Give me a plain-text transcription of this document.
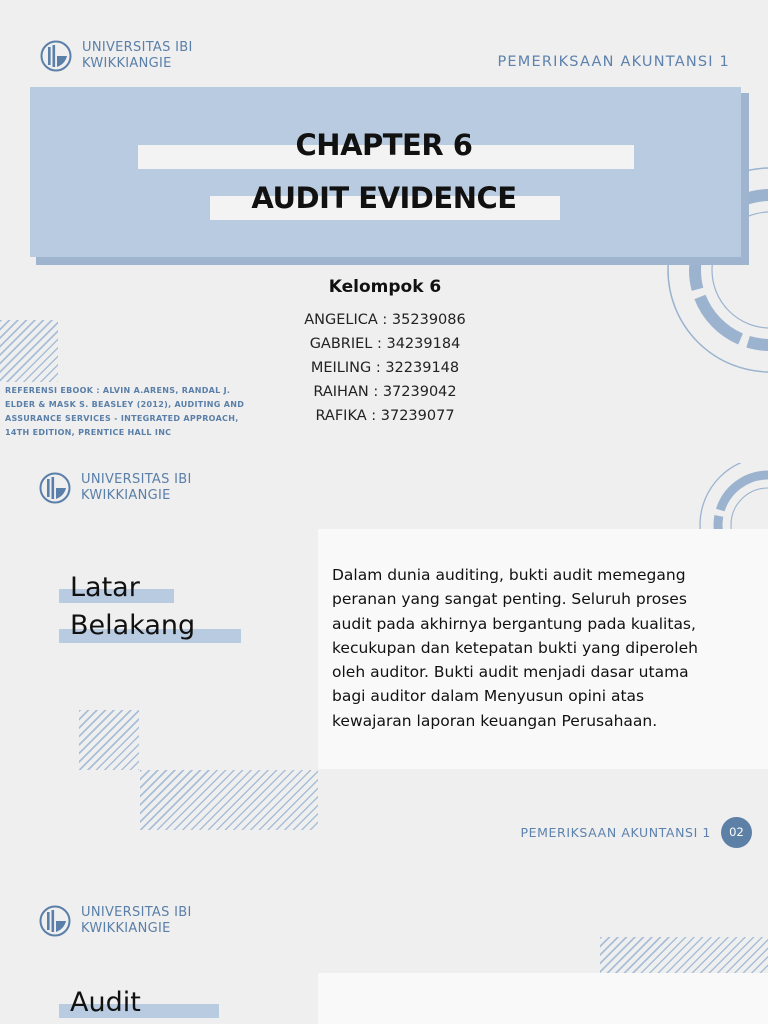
UNIVERSITAS IBI
KWIKKIANGIE	PEMERIKSAAN AKUNTANSI 1
CHAPTER 6
AUDIT EVIDENCE
Kelompok 6
ANGELICA : 35239086
GABRIEL : 34239184
MEILING : 32239148
RAIHAN : 37239042
RAFIKA : 37239077
REFERENSI EBOOK : ALVIN A.ARENS, RANDAL J. ELDER & MASK S. BEASLEY (2012), AUDITING AND ASSURANCE SERVICES - INTEGRATED APPROACH, 14TH EDITION, PRENTICE HALL INC
UNIVERSITAS IBI
KWIKKIANGIE
Latar
Belakang
Dalam dunia auditing, bukti audit memegang peranan yang sangat penting. Seluruh proses audit pada akhirnya bergantung pada kualitas, kecukupan dan ketepatan bukti yang diperoleh oleh auditor. Bukti audit menjadi dasar utama bagi auditor dalam Menyusun opini atas kewajaran laporan keuangan Perusahaan.
PEMERIKSAAN AKUNTANSI 1	02
UNIVERSITAS IBI
KWIKKIANGIE
Audit
